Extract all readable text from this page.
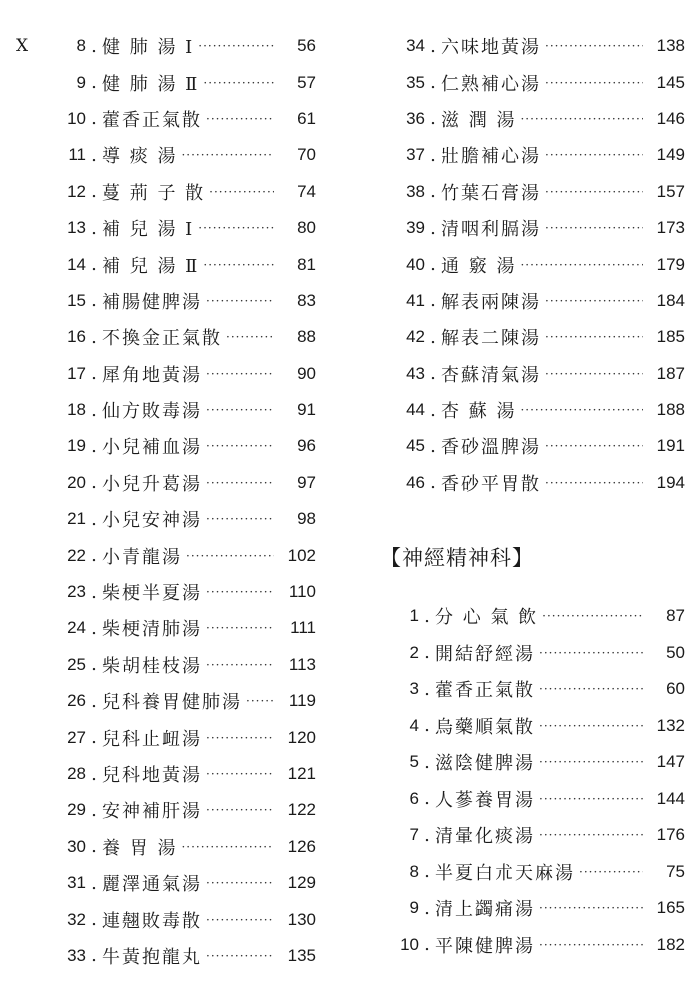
X	8 . 健 肺 湯 Ⅰ ·····	56
9 . 健 肺 湯 Ⅱ ·····	57
10 . 藿香正氣散 ·····	61
11 . 導 痰 湯 ·····	70
12 . 蔓 荊 子 散 ·····	74
13 . 補 兒 湯 Ⅰ ·····	80
14 . 補 兒 湯 Ⅱ ·····	81
15 . 補腸健脾湯 ·····	83
16 . 不換金正氣散 ·····	88
17 . 犀角地黃湯 ·····	90
18 . 仙方敗毒湯 ·····	91
19 . 小兒補血湯 ·····	96
20 . 小兒升葛湯 ·····	97
21 . 小兒安神湯 ·····	98
22 . 小青龍湯 ·····	102
23 . 柴梗半夏湯 ·····	110
24 . 柴梗清肺湯 ·····	111
25 . 柴胡桂枝湯 ·····	113
26 . 兒科養胃健肺湯 ·····	119
27 . 兒科止衄湯 ·····	120
28 . 兒科地黃湯 ·····	121
29 . 安神補肝湯 ·····	122
30 . 養 胃 湯 ·····	126
31 . 麗澤通氣湯 ·····	129
32 . 連翹敗毒散 ·····	130
33 . 牛黃抱龍丸 ·····	135
34 . 六味地黃湯 ·····	138
35 . 仁熟補心湯 ·····	145
36 . 滋 潤 湯 ·····	146
37 . 壯膽補心湯 ·····	149
38 . 竹葉石膏湯 ·····	157
39 . 清咽利膈湯 ·····	173
40 . 通 竅 湯 ·····	179
41 . 解表兩陳湯 ·····	184
42 . 解表二陳湯 ·····	185
43 . 杏蘇清氣湯 ·····	187
44 . 杏 蘇 湯 ·····	188
45 . 香砂溫脾湯 ·····	191
46 . 香砂平胃散 ·····	194
【神經精神科】
1 . 分 心 氣 飲 ·····	87
2 . 開結舒經湯 ·····	50
3 . 藿香正氣散 ·····	60
4 . 烏藥順氣散 ·····	132
5 . 滋陰健脾湯 ·····	147
6 . 人蔘養胃湯 ·····	144
7 . 清暈化痰湯 ·····	176
8 . 半夏白朮天麻湯 ·····	75
9 . 清上蠲痛湯 ·····	165
10 . 平陳健脾湯 ·····	182
